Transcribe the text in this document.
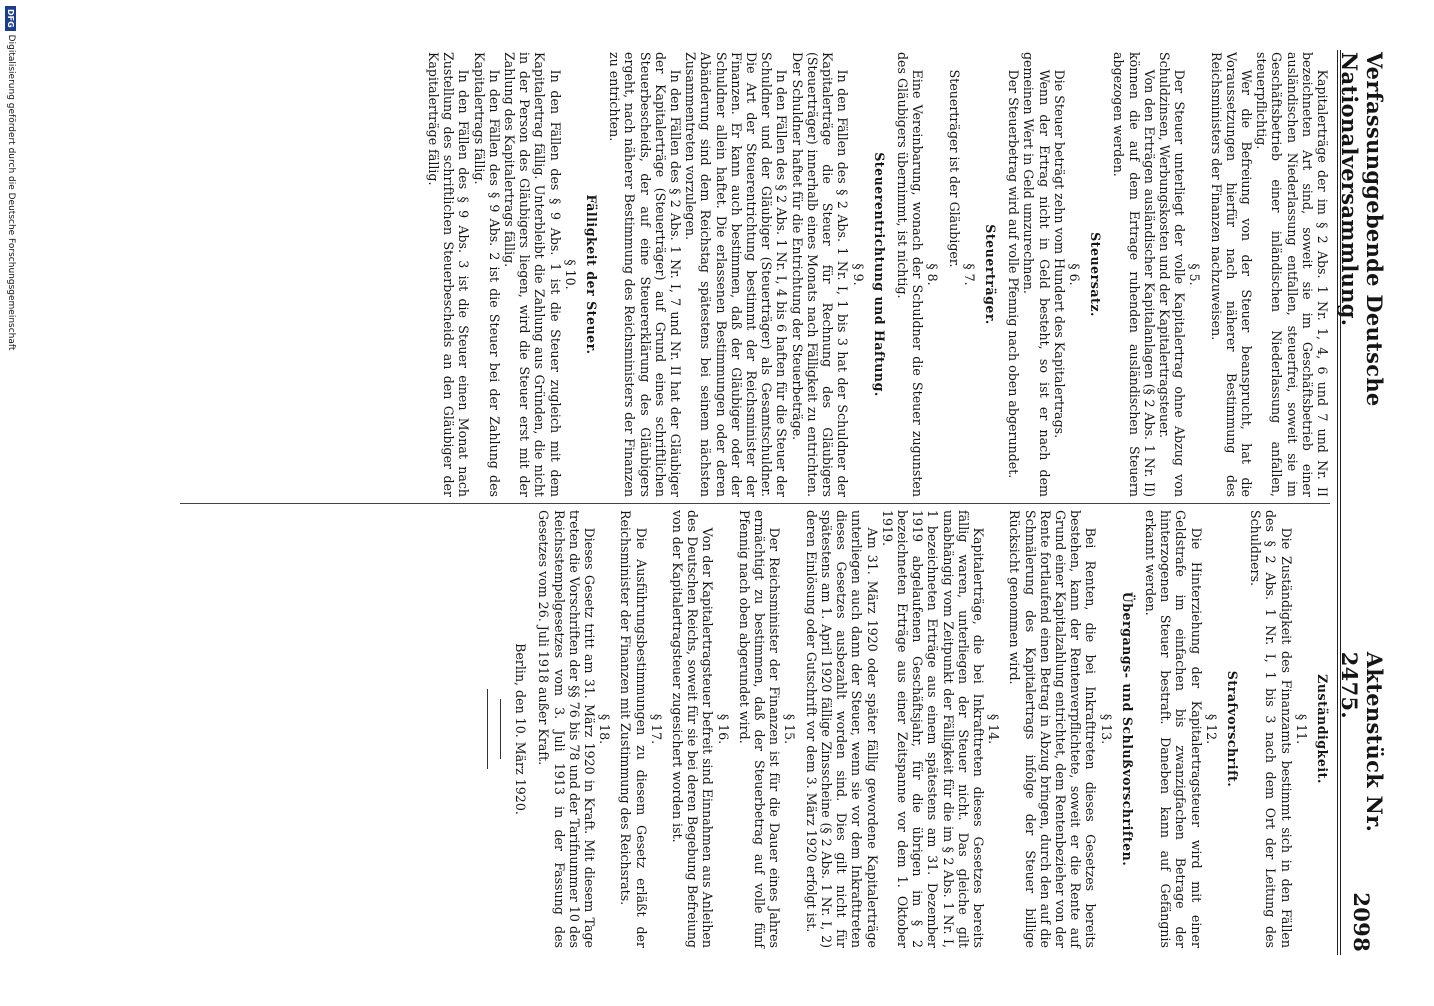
Verfassunggebende Deutsche Nationalversammlung.
Aktenstück Nr. 2475.
2098

Kapitalerträge der im § 2 Abs. 1 Nr. 1, 4, 6 und 7 und Nr. II bezeichneten Art sind, soweit sie im Geschäftsbetrieb einer ausländischen Niederlassung entfallen, steuerfrei, soweit sie im Geschäftsbetrieb einer inländischen Niederlassung anfallen, steuerpflichtig.

Wer die Befreiung von der Steuer beansprucht, hat die Voraussetzungen hierfür nach näherer Bestimmung des Reichsministers der Finanzen nachzuweisen.

§ 5.

Der Steuer unterliegt der volle Kapitalertrag ohne Abzug von Schuldzinsen, Werbungskosten und der Kapitalertragsteuer.

Von den Erträgen ausländischer Kapitalanlagen (§ 2 Abs. 1 Nr. II) können die auf dem Ertrage ruhenden ausländischen Steuern abgezogen werden.

Steuersatz.
§ 6.

Die Steuer beträgt zehn vom Hundert des Kapitalertrags.

Wenn der Ertrag nicht in Geld besteht, so ist er nach dem gemeinen Wert in Geld umzurechnen.

Der Steuerbetrag wird auf volle Pfennig nach oben abgerundet.

Steuerträger.
§ 7.

Steuerträger ist der Gläubiger.

§ 8.

Eine Vereinbarung, wonach der Schuldner die Steuer zugunsten des Gläubigers übernimmt, ist nichtig.

Steuerentrichtung und Haftung.
§ 9.

In den Fällen des § 2 Abs. 1 Nr. I, 1 bis 3 hat der Schuldner der Kapitalerträge die Steuer für Rechnung des Gläubigers (Steuerträger) innerhalb eines Monats nach Fälligkeit zu entrichten. Der Schuldner haftet für die Entrichtung der Steuerbeträge.

In den Fällen des § 2 Abs. 1 Nr. I, 4 bis 6 haften für die Steuer der Schuldner und der Gläubiger (Steuerträger) als Gesamtschuldner. Die Art der Steuerentrichtung bestimmt der Reichsminister der Finanzen. Er kann auch bestimmen, daß der Gläubiger oder der Schuldner allein haftet. Die erlassenen Bestimmungen oder deren Abänderung sind dem Reichstag spätestens bei seinem nächsten Zusammentreten vorzulegen.

In den Fällen des § 2 Abs. 1 Nr. I, 7 und Nr. II hat der Gläubiger der Kapitalerträge (Steuerträger) auf Grund eines schriftlichen Steuerbescheids, der auf eine Steuererklärung des Gläubigers ergeht, nach näherer Bestimmung des Reichsministers der Finanzen zu entrichten.

Fälligkeit der Steuer.
§ 10.

In den Fällen des § 9 Abs. 1 ist die Steuer zugleich mit dem Kapitalertrag fällig. Unterbleibt die Zahlung aus Gründen, die nicht in der Person des Gläubigers liegen, wird die Steuer erst mit der Zahlung des Kapitalertrags fällig.

In den Fällen des § 9 Abs. 2 ist die Steuer bei der Zahlung des Kapitalertrags fällig.

In den Fällen des § 9 Abs. 3 ist die Steuer einen Monat nach Zustellung des schriftlichen Steuerbescheids an den Gläubiger der Kapitalerträge fällig.

Zuständigkeit.
§ 11.

Die Zuständigkeit des Finanzamts bestimmt sich in den Fällen des § 2 Abs. 1 Nr. I, 1 bis 3 nach dem Ort der Leitung des Schuldners.

Strafvorschrift.
§ 12.

Die Hinterziehung der Kapitalertragsteuer wird mit einer Geldstrafe im einfachen bis zwanzigfachen Betrage der hinterzogenen Steuer bestraft. Daneben kann auf Gefängnis erkannt werden.

Übergangs- und Schlußvorschriften.
§ 13.

Bei Renten, die bei Inkrafttreten dieses Gesetzes bereits bestehen, kann der Rentenverpflichtete, soweit er die Rente auf Grund einer Kapitalzahlung entrichtet, dem Rentenbezieher von der Rente fortlaufend einen Betrag in Abzug bringen, durch den auf die Schmälerung des Kapitalertrags infolge der Steuer billige Rücksicht genommen wird.

§ 14.

Kapitalerträge, die bei Inkrafttreten dieses Gesetzes bereits fällig waren, unterliegen der Steuer nicht. Das gleiche gilt unabhängig vom Zeitpunkt der Fälligkeit für die im § 2 Abs. 1 Nr. I, 1 bezeichneten Erträge aus einem spätestens am 31. Dezember 1919 abgelaufenen Geschäftsjahr, für die übrigen im § 2 bezeichneten Erträge aus einer Zeitspanne vor dem 1. Oktober 1919.

Am 31. März 1920 oder später fällig gewordene Kapitalerträge unterliegen auch dann der Steuer, wenn sie vor dem Inkrafttreten dieses Gesetzes ausbezahlt worden sind. Dies gilt nicht für spätestens am 1. April 1920 fällige Zinsscheine (§ 2 Abs. 1 Nr. I, 2) deren Einlösung oder Gutschrift vor dem 3. März 1920 erfolgt ist.

§ 15.

Der Reichsminister der Finanzen ist für die Dauer eines Jahres ermächtigt zu bestimmen, daß der Steuerbetrag auf volle fünf Pfennig nach oben abgerundet wird.

§ 16.

Von der Kapitalertragsteuer befreit sind Einnahmen aus Anleihen des Deutschen Reichs, soweit für sie bei deren Begebung Befreiung von der Kapitalertragsteuer zugesichert worden ist.

§ 17.

Die Ausführungsbestimmungen zu diesem Gesetz erläßt der Reichsminister der Finanzen mit Zustimmung des Reichsrats.

§ 18.

Dieses Gesetz tritt am 31. März 1920 in Kraft. Mit diesem Tage treten die Vorschriften der §§ 76 bis 78 und der Tarifnummer 10 des Reichsstempelgesetzes vom 3. Juli 1913 in der Fassung des Gesetzes vom 26. Juli 1918 außer Kraft.

Berlin, den 10. März 1920.
DFG
Digitalisierung gefördert durch die Deutsche Forschungsgemeinschaft
